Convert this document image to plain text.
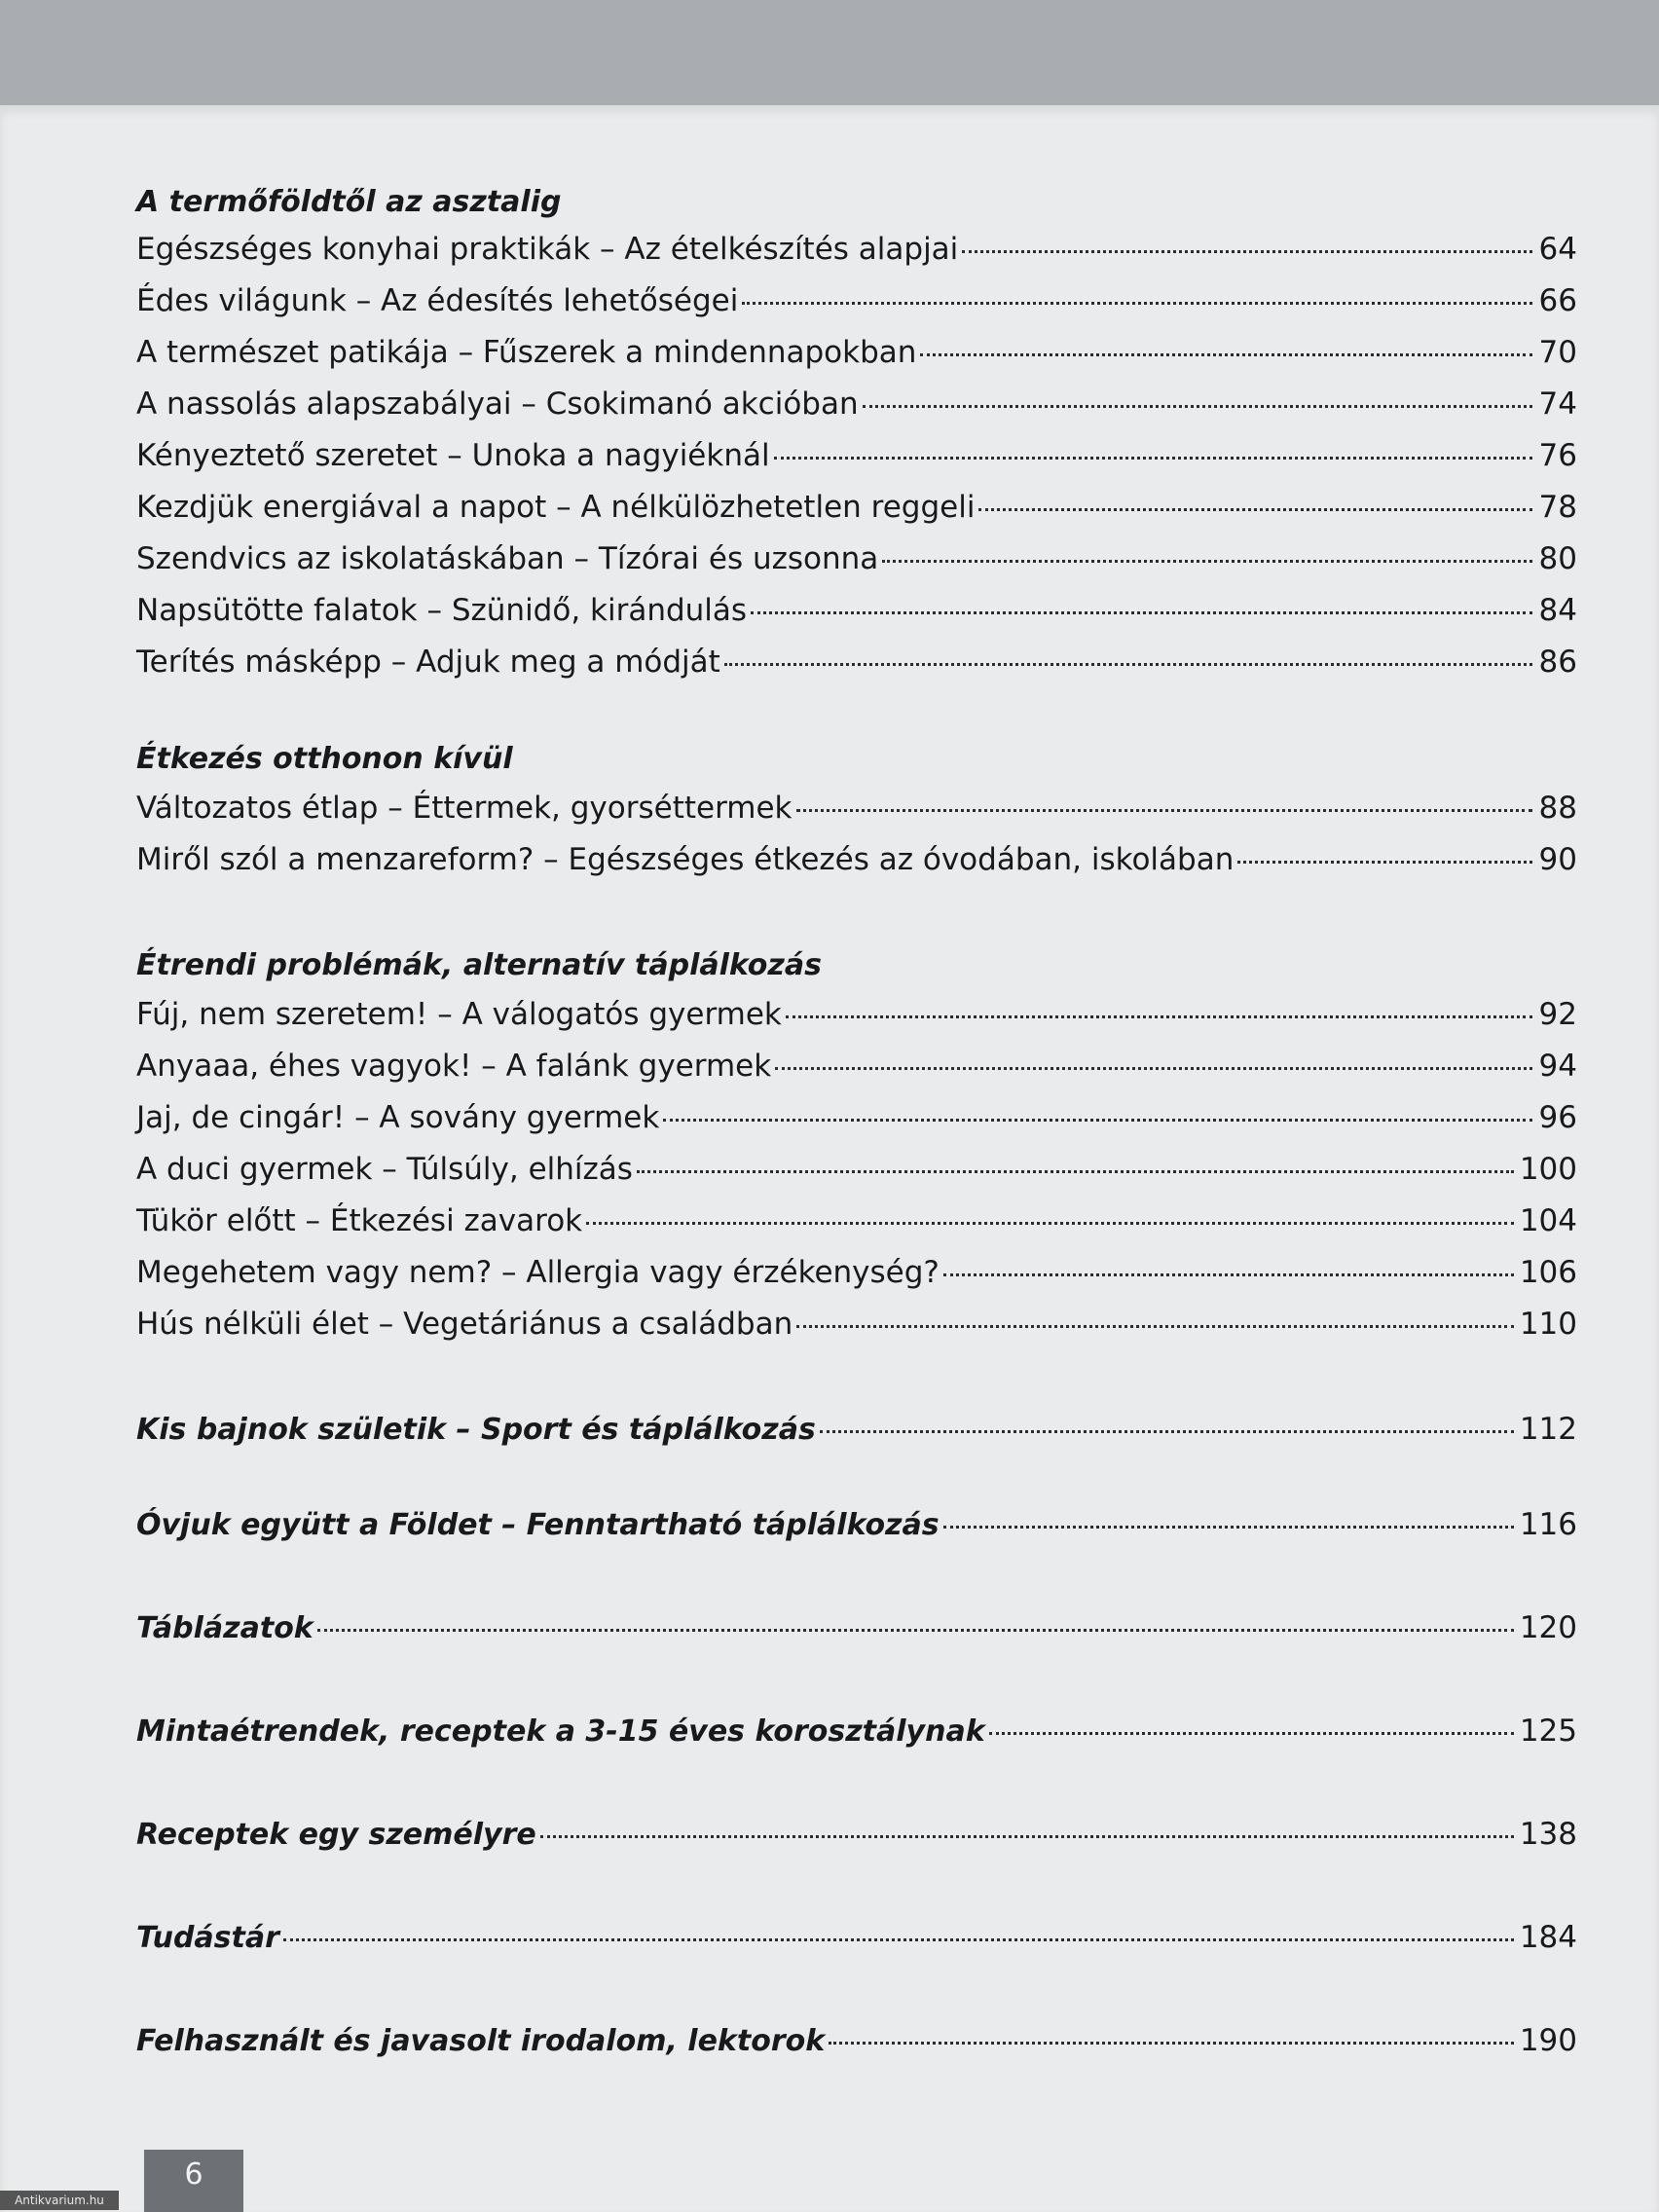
A termőföldtől az asztalig
Egészséges konyhai praktikák – Az ételkészítés alapjai	64
Édes világunk – Az édesítés lehetőségei	66
A természet patikája – Fűszerek a mindennapokban	70
A nassolás alapszabályai – Csokimanó akcióban	74
Kényeztető szeretet – Unoka a nagyiéknál	76
Kezdjük energiával a napot – A nélkülözhetetlen reggeli	78
Szendvics az iskolatáskában – Tízórai és uzsonna	80
Napsütötte falatok – Szünidő, kirándulás	84
Terítés másképp – Adjuk meg a módját	86
Étkezés otthonon kívül
Változatos étlap – Éttermek, gyorséttermek	88
Miről szól a menzareform? – Egészséges étkezés az óvodában, iskolában	90
Étrendi problémák, alternatív táplálkozás
Fúj, nem szeretem! – A válogatós gyermek	92
Anyaaa, éhes vagyok! – A falánk gyermek	94
Jaj, de cingár! – A sovány gyermek	96
A duci gyermek – Túlsúly, elhízás	100
Tükör előtt – Étkezési zavarok	104
Megehetem vagy nem? – Allergia vagy érzékenység?	106
Hús nélküli élet – Vegetáriánus a családban	110
Kis bajnok születik – Sport és táplálkozás	112
Óvjuk együtt a Földet – Fenntartható táplálkozás	116
Táblázatok	120
Mintaétrendek, receptek a 3-15 éves korosztálynak	125
Receptek egy személyre	138
Tudástár	184
Felhasznált és javasolt irodalom, lektorok	190
6
Antikvarium.hu
